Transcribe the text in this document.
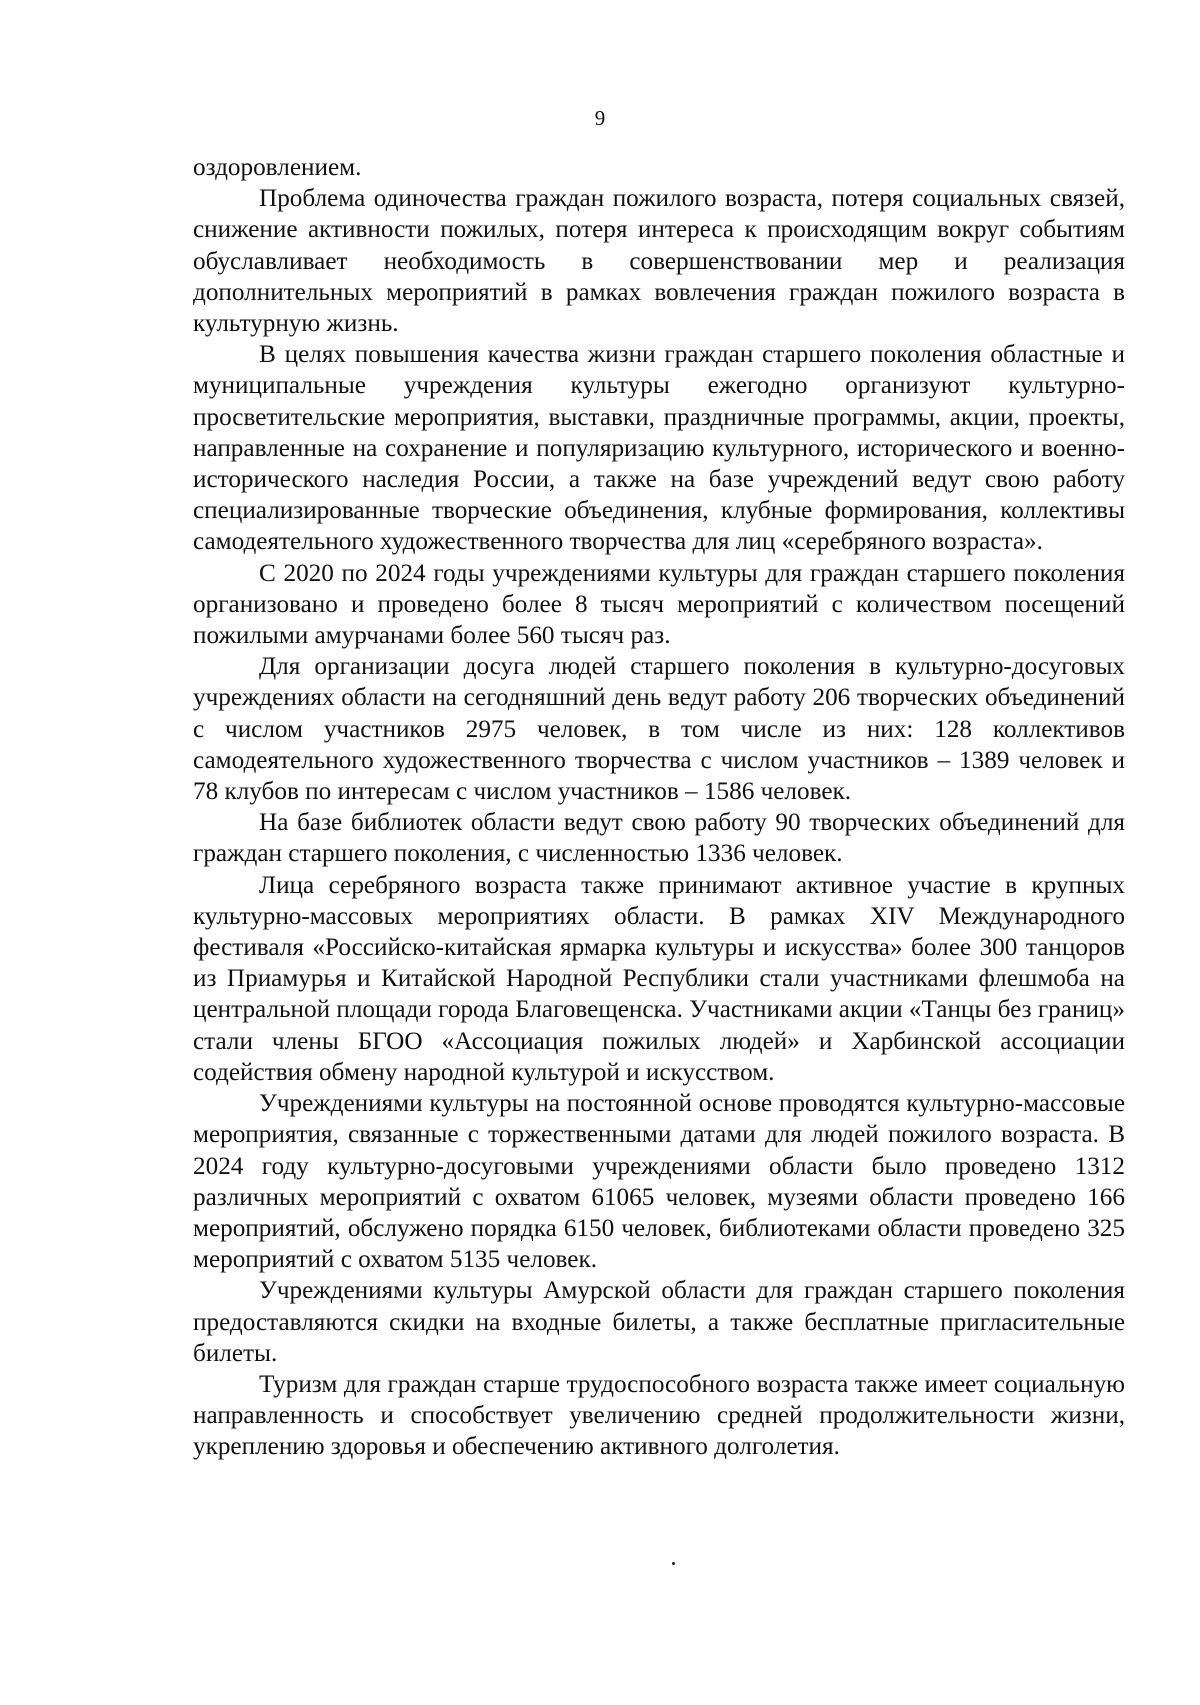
9

оздоровлением.

Проблема одиночества граждан пожилого возраста, потеря социальных связей, снижение активности пожилых, потеря интереса к происходящим вокруг событиям обуславливает необходимость в совершенствовании мер и реализация дополнительных мероприятий в рамках вовлечения граждан пожилого возраста в культурную жизнь.

В целях повышения качества жизни граждан старшего поколения областные и муниципальные учреждения культуры ежегодно организуют культурно-просветительские мероприятия, выставки, праздничные программы, акции, проекты, направленные на сохранение и популяризацию культурного, исторического и военно-исторического наследия России, а также на базе учреждений ведут свою работу специализированные творческие объединения, клубные формирования, коллективы самодеятельного художественного творчества для лиц «серебряного возраста».

С 2020 по 2024 годы учреждениями культуры для граждан старшего поколения организовано и проведено более 8 тысяч мероприятий с количеством посещений пожилыми амурчанами более 560 тысяч раз.

Для организации досуга людей старшего поколения в культурно-досуговых учреждениях области на сегодняшний день ведут работу 206 творческих объединений с числом участников 2975 человек, в том числе из них: 128 коллективов самодеятельного художественного творчества с числом участников – 1389 человек и 78 клубов по интересам с числом участников – 1586 человек.

На базе библиотек области ведут свою работу 90 творческих объединений для граждан старшего поколения, с численностью 1336 человек.

Лица серебряного возраста также принимают активное участие в крупных культурно-массовых мероприятиях области. В рамках XIV Международного фестиваля «Российско-китайская ярмарка культуры и искусства» более 300 танцоров из Приамурья и Китайской Народной Республики стали участниками флешмоба на центральной площади города Благовещенска. Участниками акции «Танцы без границ» стали члены БГОО «Ассоциация пожилых людей» и Харбинской ассоциации содействия обмену народной культурой и искусством.

Учреждениями культуры на постоянной основе проводятся культурно-массовые мероприятия, связанные с торжественными датами для людей пожилого возраста. В 2024 году культурно-досуговыми учреждениями области было проведено 1312 различных мероприятий с охватом 61065 человек, музеями области проведено 166 мероприятий, обслужено порядка 6150 человек, библиотеками области проведено 325 мероприятий с охватом 5135 человек.

Учреждениями культуры Амурской области для граждан старшего поколения предоставляются скидки на входные билеты, а также бесплатные пригласительные билеты.

Туризм для граждан старше трудоспособного возраста также имеет социальную направленность и способствует увеличению средней продолжительности жизни, укреплению здоровья и обеспечению активного долголетия.
